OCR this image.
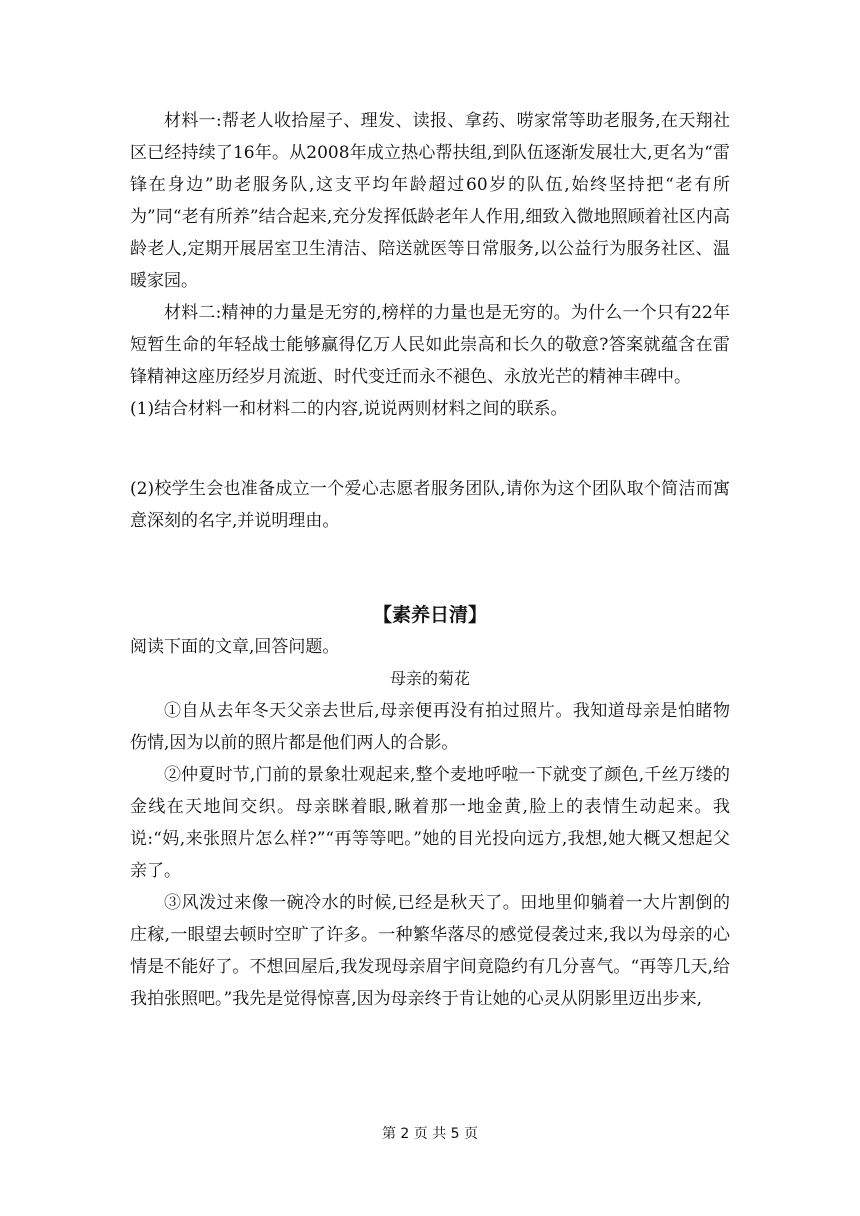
材料一:帮老人收拾屋子、理发、读报、拿药、唠家常等助老服务,在天翔社区已经持续了16年。从2008年成立热心帮扶组,到队伍逐渐发展壮大,更名为“雷锋在身边”助老服务队,这支平均年龄超过60岁的队伍,始终坚持把“老有所为”同“老有所养”结合起来,充分发挥低龄老年人作用,细致入微地照顾着社区内高龄老人,定期开展居室卫生清洁、陪送就医等日常服务,以公益行为服务社区、温暖家园。

材料二:精神的力量是无穷的,榜样的力量也是无穷的。为什么一个只有22年短暂生命的年轻战士能够赢得亿万人民如此崇高和长久的敬意?答案就蕴含在雷锋精神这座历经岁月流逝、时代变迁而永不褪色、永放光芒的精神丰碑中。

(1)结合材料一和材料二的内容,说说两则材料之间的联系。

(2)校学生会也准备成立一个爱心志愿者服务团队,请你为这个团队取个简洁而寓意深刻的名字,并说明理由。

【素养日清】

阅读下面的文章,回答问题。

母亲的菊花

①自从去年冬天父亲去世后,母亲便再没有拍过照片。我知道母亲是怕睹物伤情,因为以前的照片都是他们两人的合影。

②仲夏时节,门前的景象壮观起来,整个麦地呼啦一下就变了颜色,千丝万缕的金线在天地间交织。母亲眯着眼,瞅着那一地金黄,脸上的表情生动起来。我说:“妈,来张照片怎么样?”“再等等吧。”她的目光投向远方,我想,她大概又想起父亲了。

③风泼过来像一碗冷水的时候,已经是秋天了。田地里仰躺着一大片割倒的庄稼,一眼望去顿时空旷了许多。一种繁华落尽的感觉侵袭过来,我以为母亲的心情是不能好了。不想回屋后,我发现母亲眉宇间竟隐约有几分喜气。“再等几天,给我拍张照吧。”我先是觉得惊喜,因为母亲终于肯让她的心灵从阴影里迈出步来,

第 2 页 共 5 页
